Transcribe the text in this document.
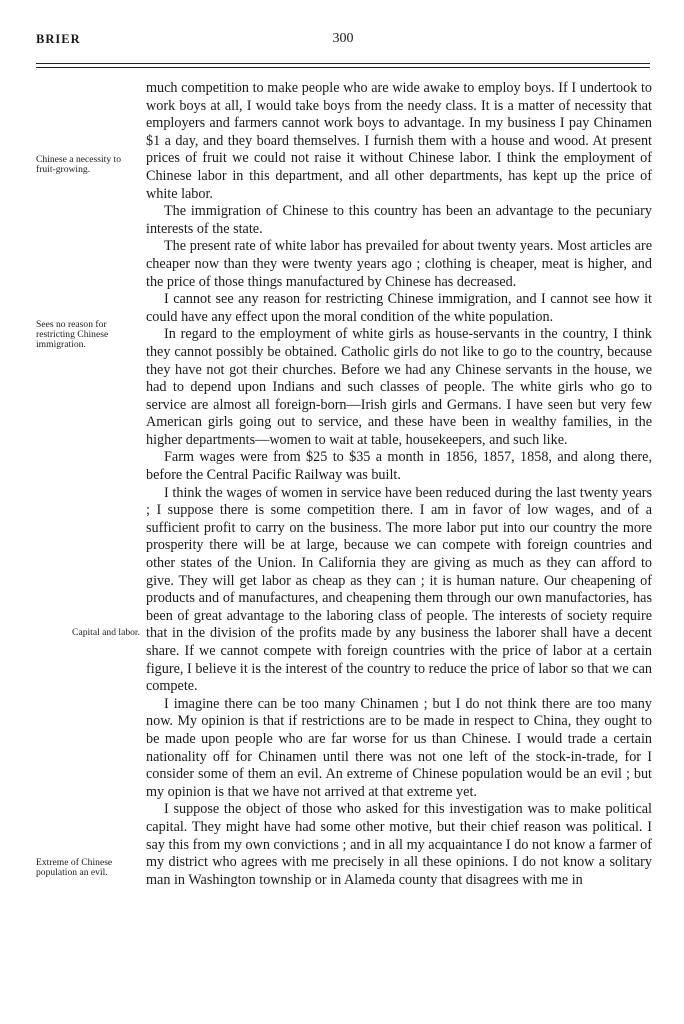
BRIER	300
Chinese a necessity to fruit-growing.
Sees no reason for restricting Chinese immigration.
Capital and labor.
Extreme of Chinese population an evil.

much competition to make people who are wide awake to employ boys. If I undertook to work boys at all, I would take boys from the needy class. It is a matter of necessity that employers and farmers cannot work boys to advantage. In my business I pay Chinamen $1 a day, and they board themselves. I furnish them with a house and wood. At present prices of fruit we could not raise it without Chinese labor. I think the employment of Chinese labor in this department, and all other departments, has kept up the price of white labor.

The immigration of Chinese to this country has been an advantage to the pecuniary interests of the state.

The present rate of white labor has prevailed for about twenty years. Most articles are cheaper now than they were twenty years ago ; clothing is cheaper, meat is higher, and the price of those things manufactured by Chinese has decreased.

I cannot see any reason for restricting Chinese immigration, and I cannot see how it could have any effect upon the moral condition of the white population.

In regard to the employment of white girls as house-servants in the country, I think they cannot possibly be obtained. Catholic girls do not like to go to the country, because they have not got their churches. Before we had any Chinese servants in the house, we had to depend upon Indians and such classes of people. The white girls who go to service are almost all foreign-born—Irish girls and Germans. I have seen but very few American girls going out to service, and these have been in wealthy families, in the higher departments—women to wait at table, housekeepers, and such like.

Farm wages were from $25 to $35 a month in 1856, 1857, 1858, and along there, before the Central Pacific Railway was built.

I think the wages of women in service have been reduced during the last twenty years ; I suppose there is some competition there. I am in favor of low wages, and of a sufficient profit to carry on the business. The more labor put into our country the more prosperity there will be at large, because we can compete with foreign countries and other states of the Union. In California they are giving as much as they can afford to give. They will get labor as cheap as they can ; it is human nature. Our cheapening of products and of manufactures, and cheapening them through our own manufactories, has been of great advantage to the laboring class of people. The interests of society require that in the division of the profits made by any business the laborer shall have a decent share. If we cannot compete with foreign countries with the price of labor at a certain figure, I believe it is the interest of the country to reduce the price of labor so that we can compete.

I imagine there can be too many Chinamen ; but I do not think there are too many now. My opinion is that if restrictions are to be made in respect to China, they ought to be made upon people who are far worse for us than Chinese. I would trade a certain nationality off for Chinamen until there was not one left of the stock-in-trade, for I consider some of them an evil. An extreme of Chinese population would be an evil ; but my opinion is that we have not arrived at that extreme yet.

I suppose the object of those who asked for this investigation was to make political capital. They might have had some other motive, but their chief reason was political. I say this from my own convictions ; and in all my acquaintance I do not know a farmer of my district who agrees with me precisely in all these opinions. I do not know a solitary man in Washington township or in Alameda county that disagrees with me in
